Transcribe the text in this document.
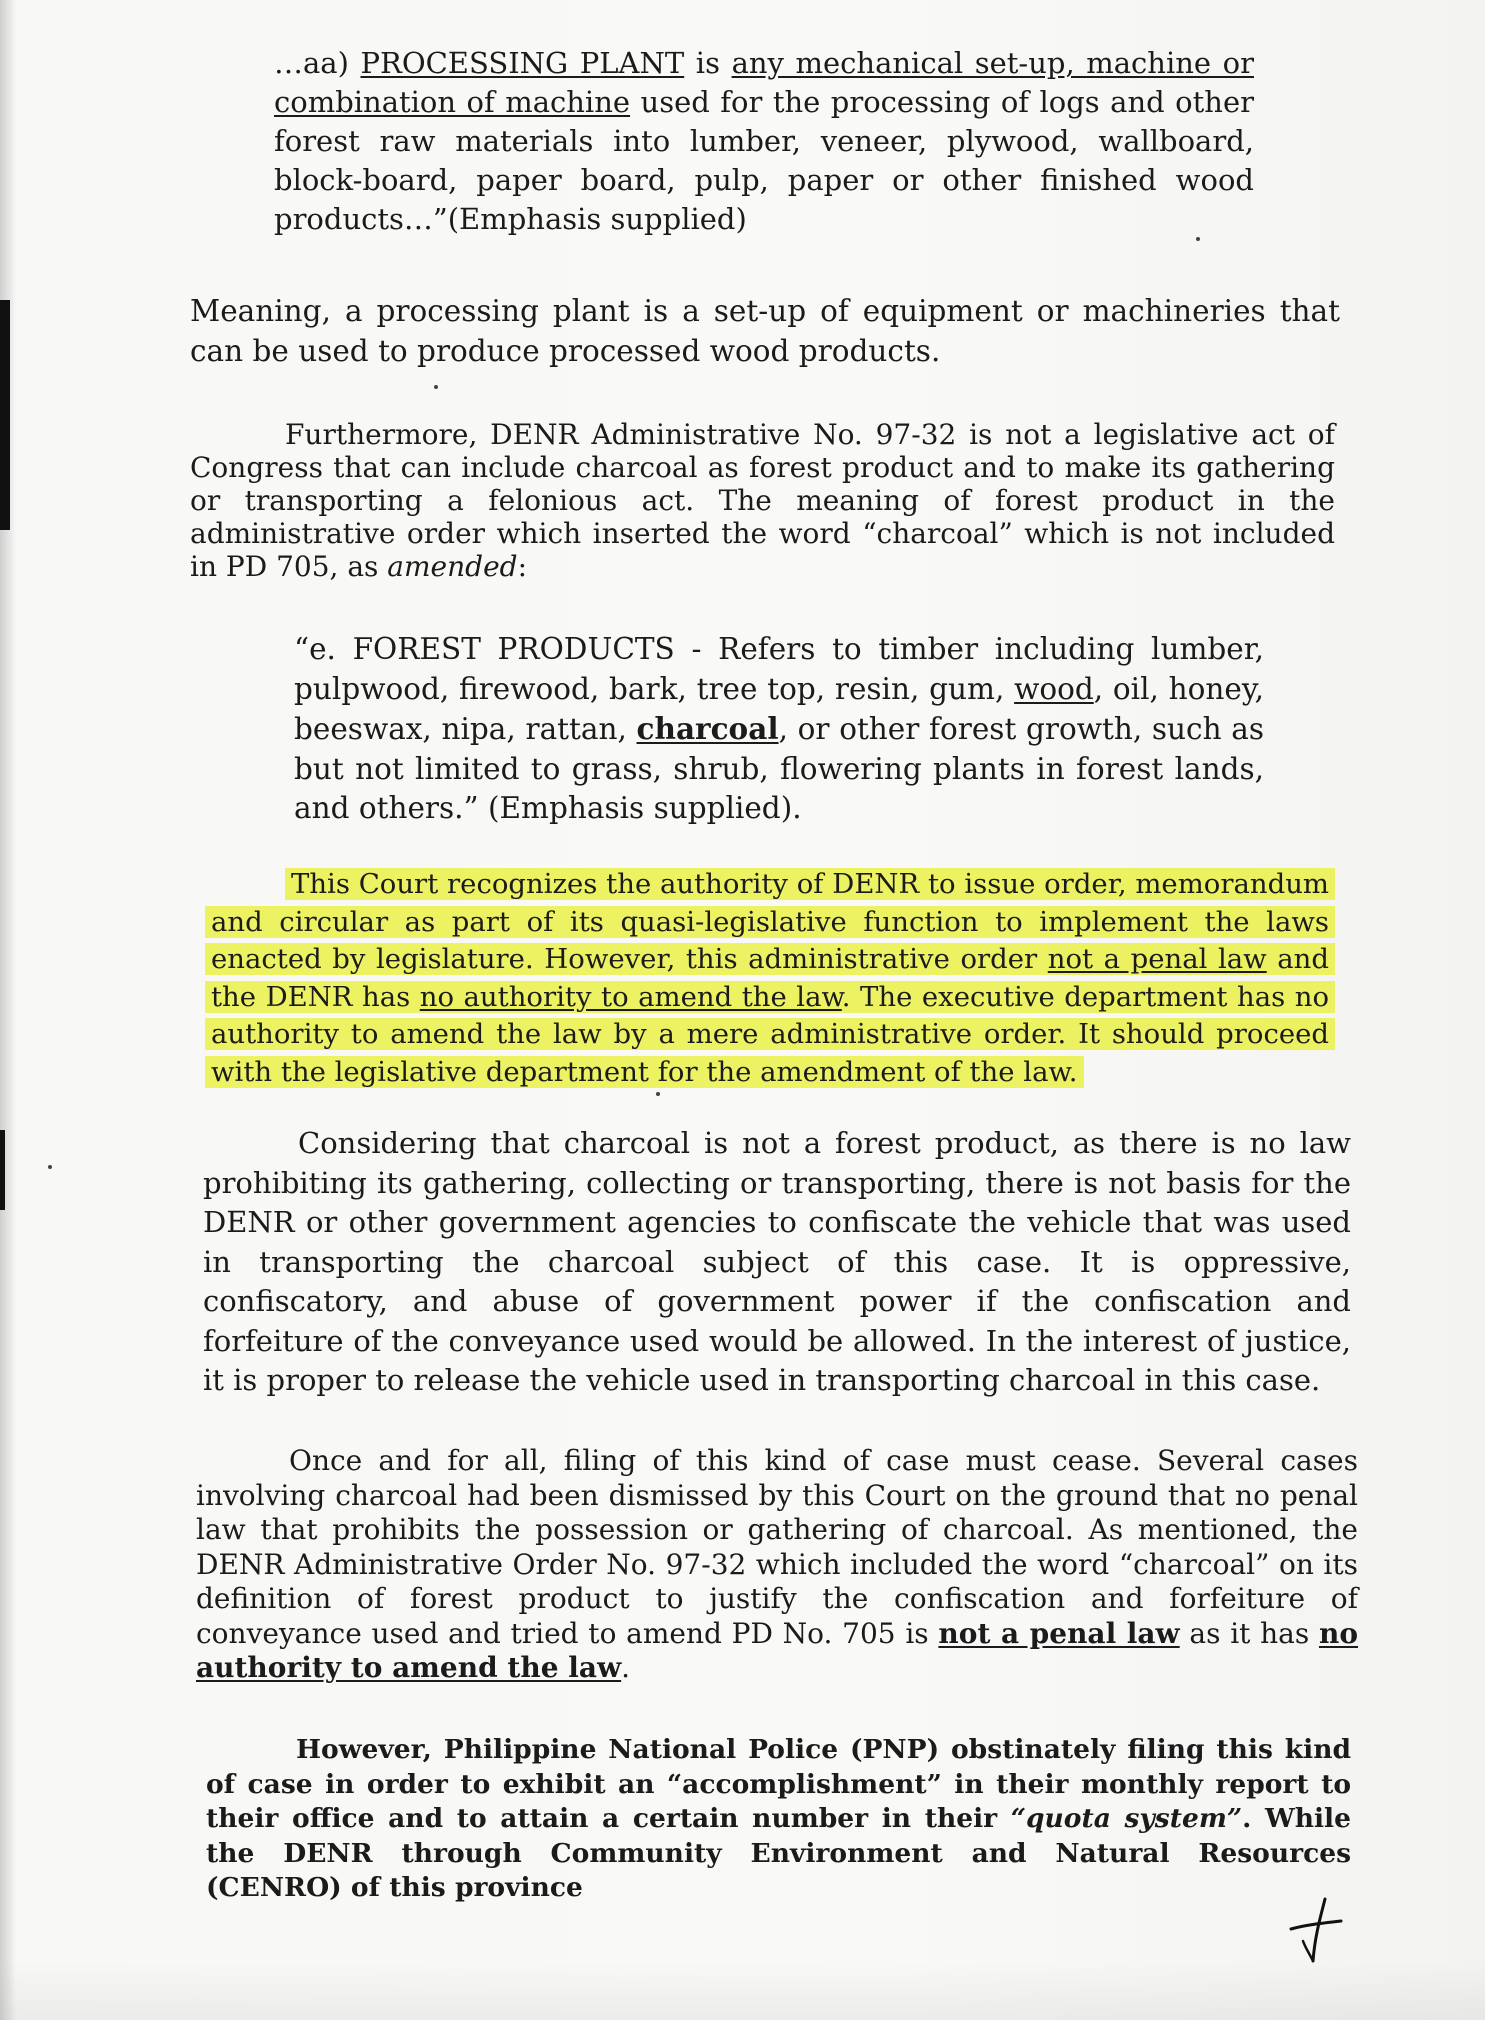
…aa) PROCESSING PLANT is any mechanical set-up, machine or combination of machine used for the processing of logs and other forest raw materials into lumber, veneer, plywood, wallboard, block-board, paper board, pulp, paper or other finished wood products…”(Emphasis supplied)

Meaning, a processing plant is a set-up of equipment or machineries that can be used to produce processed wood products.

Furthermore, DENR Administrative No. 97-32 is not a legislative act of Congress that can include charcoal as forest product and to make its gathering or transporting a felonious act. The meaning of forest product in the administrative order which inserted the word “charcoal” which is not included in PD 705, as amended:

“e. FOREST PRODUCTS - Refers to timber including lumber, pulpwood, firewood, bark, tree top, resin, gum, wood, oil, honey, beeswax, nipa, rattan, charcoal, or other forest growth, such as but not limited to grass, shrub, flowering plants in forest lands, and others.” (Emphasis supplied).

This Court recognizes the authority of DENR to issue order, memorandum and circular as part of its quasi-legislative function to implement the laws enacted by legislature. However, this administrative order not a penal law and the DENR has no authority to amend the law. The executive department has no authority to amend the law by a mere administrative order. It should proceed with the legislative department for the amendment of the law.

Considering that charcoal is not a forest product, as there is no law prohibiting its gathering, collecting or transporting, there is not basis for the DENR or other government agencies to confiscate the vehicle that was used in transporting the charcoal subject of this case. It is oppressive, confiscatory, and abuse of government power if the confiscation and forfeiture of the conveyance used would be allowed. In the interest of justice, it is proper to release the vehicle used in transporting charcoal in this case.

Once and for all, filing of this kind of case must cease. Several cases involving charcoal had been dismissed by this Court on the ground that no penal law that prohibits the possession or gathering of charcoal. As mentioned, the DENR Administrative Order No. 97-32 which included the word “charcoal” on its definition of forest product to justify the confiscation and forfeiture of conveyance used and tried to amend PD No. 705 is not a penal law as it has no authority to amend the law.

However, Philippine National Police (PNP) obstinately filing this kind of case in order to exhibit an “accomplishment” in their monthly report to their office and to attain a certain number in their “quota system”. While the DENR through Community Environment and Natural Resources (CENRO) of this province
